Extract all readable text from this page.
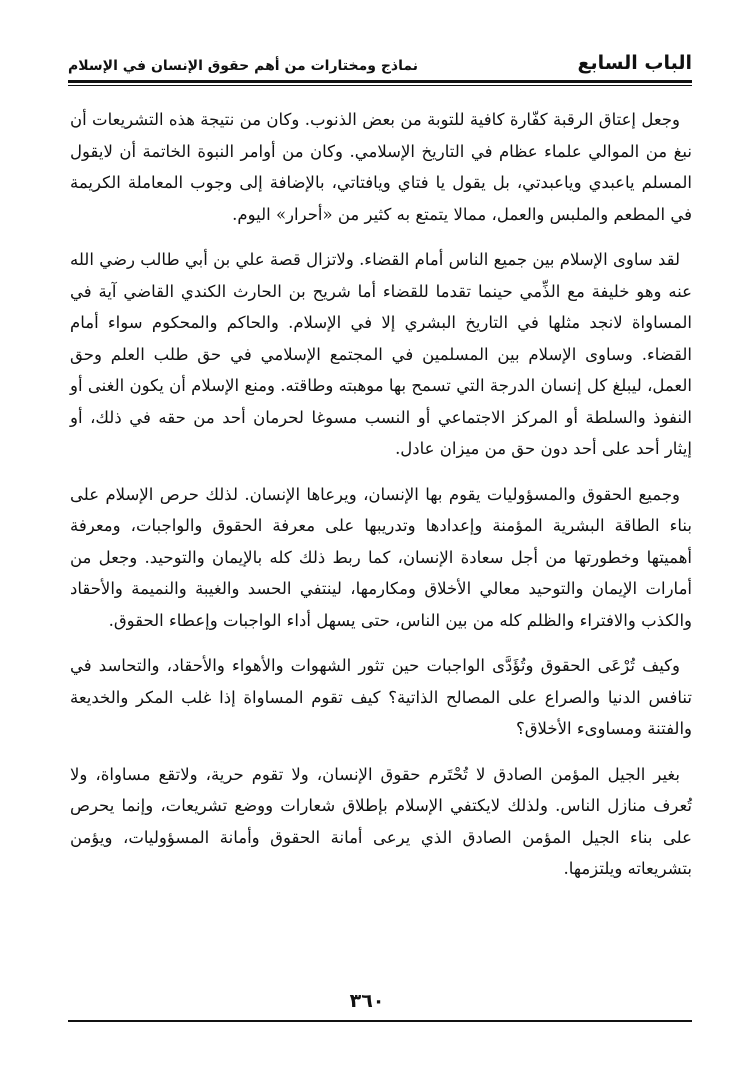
الباب السابع
نماذج ومختارات من أهم حقوق الإنسان في الإسلام

وجعل إعتاق الرقبة كفّارة كافية للتوبة من بعض الذنوب. وكان من نتيجة هذه التشريعات أن نبغ من الموالي علماء عظام في التاريخ الإسلامي. وكان من أوامر النبوة الخاتمة أن لايقول المسلم ياعبدي وياعبدتي، بل يقول يا فتاي ويافتاتي، بالإضافة إلى وجوب المعاملة الكريمة في المطعم والملبس والعمل، ممالا يتمتع به كثير من «أحرار» اليوم.

لقد ساوى الإسلام بين جميع الناس أمام القضاء. ولاتزال قصة علي بن أبي طالب رضي الله عنه وهو خليفة مع الذِّمي حينما تقدما للقضاء أما شريح بن الحارث الكندي القاضي آية في المساواة لانجد مثلها في التاريخ البشري إلا في الإسلام. والحاكم والمحكوم سواء أمام القضاء. وساوى الإسلام بين المسلمين في المجتمع الإسلامي في حق طلب العلم وحق العمل، ليبلغ كل إنسان الدرجة التي تسمح بها موهبته وطاقته. ومنع الإسلام أن يكون الغنى أو النفوذ والسلطة أو المركز الاجتماعي أو النسب مسوغا لحرمان أحد من حقه في ذلك، أو إيثار أحد على أحد دون حق من ميزان عادل.

وجميع الحقوق والمسؤوليات يقوم بها الإنسان، ويرعاها الإنسان. لذلك حرص الإسلام على بناء الطاقة البشرية المؤمنة وإعدادها وتدريبها على معرفة الحقوق والواجبات، ومعرفة أهميتها وخطورتها من أجل سعادة الإنسان، كما ربط ذلك كله بالإيمان والتوحيد. وجعل من أمارات الإيمان والتوحيد معالي الأخلاق ومكارمها، لينتفي الحسد والغيبة والنميمة والأحقاد والكذب والافتراء والظلم كله من بين الناس، حتى يسهل أداء الواجبات وإعطاء الحقوق.

وكيف تُرْعَى الحقوق وتُؤَدَّى الواجبات حين تثور الشهوات والأهواء والأحقاد، والتحاسد في تنافس الدنيا والصراع على المصالح الذاتية؟ كيف تقوم المساواة إذا غلب المكر والخديعة والفتنة ومساوىء الأخلاق؟

بغير الجيل المؤمن الصادق لا تُحْتَرم حقوق الإنسان، ولا تقوم حرية، ولاتقع مساواة، ولا تُعرف منازل الناس. ولذلك لايكتفي الإسلام بإطلاق شعارات ووضع تشريعات، وإنما يحرص على بناء الجيل المؤمن الصادق الذي يرعى أمانة الحقوق وأمانة المسؤوليات، ويؤمن بتشريعاته ويلتزمها.

٣٦٠
